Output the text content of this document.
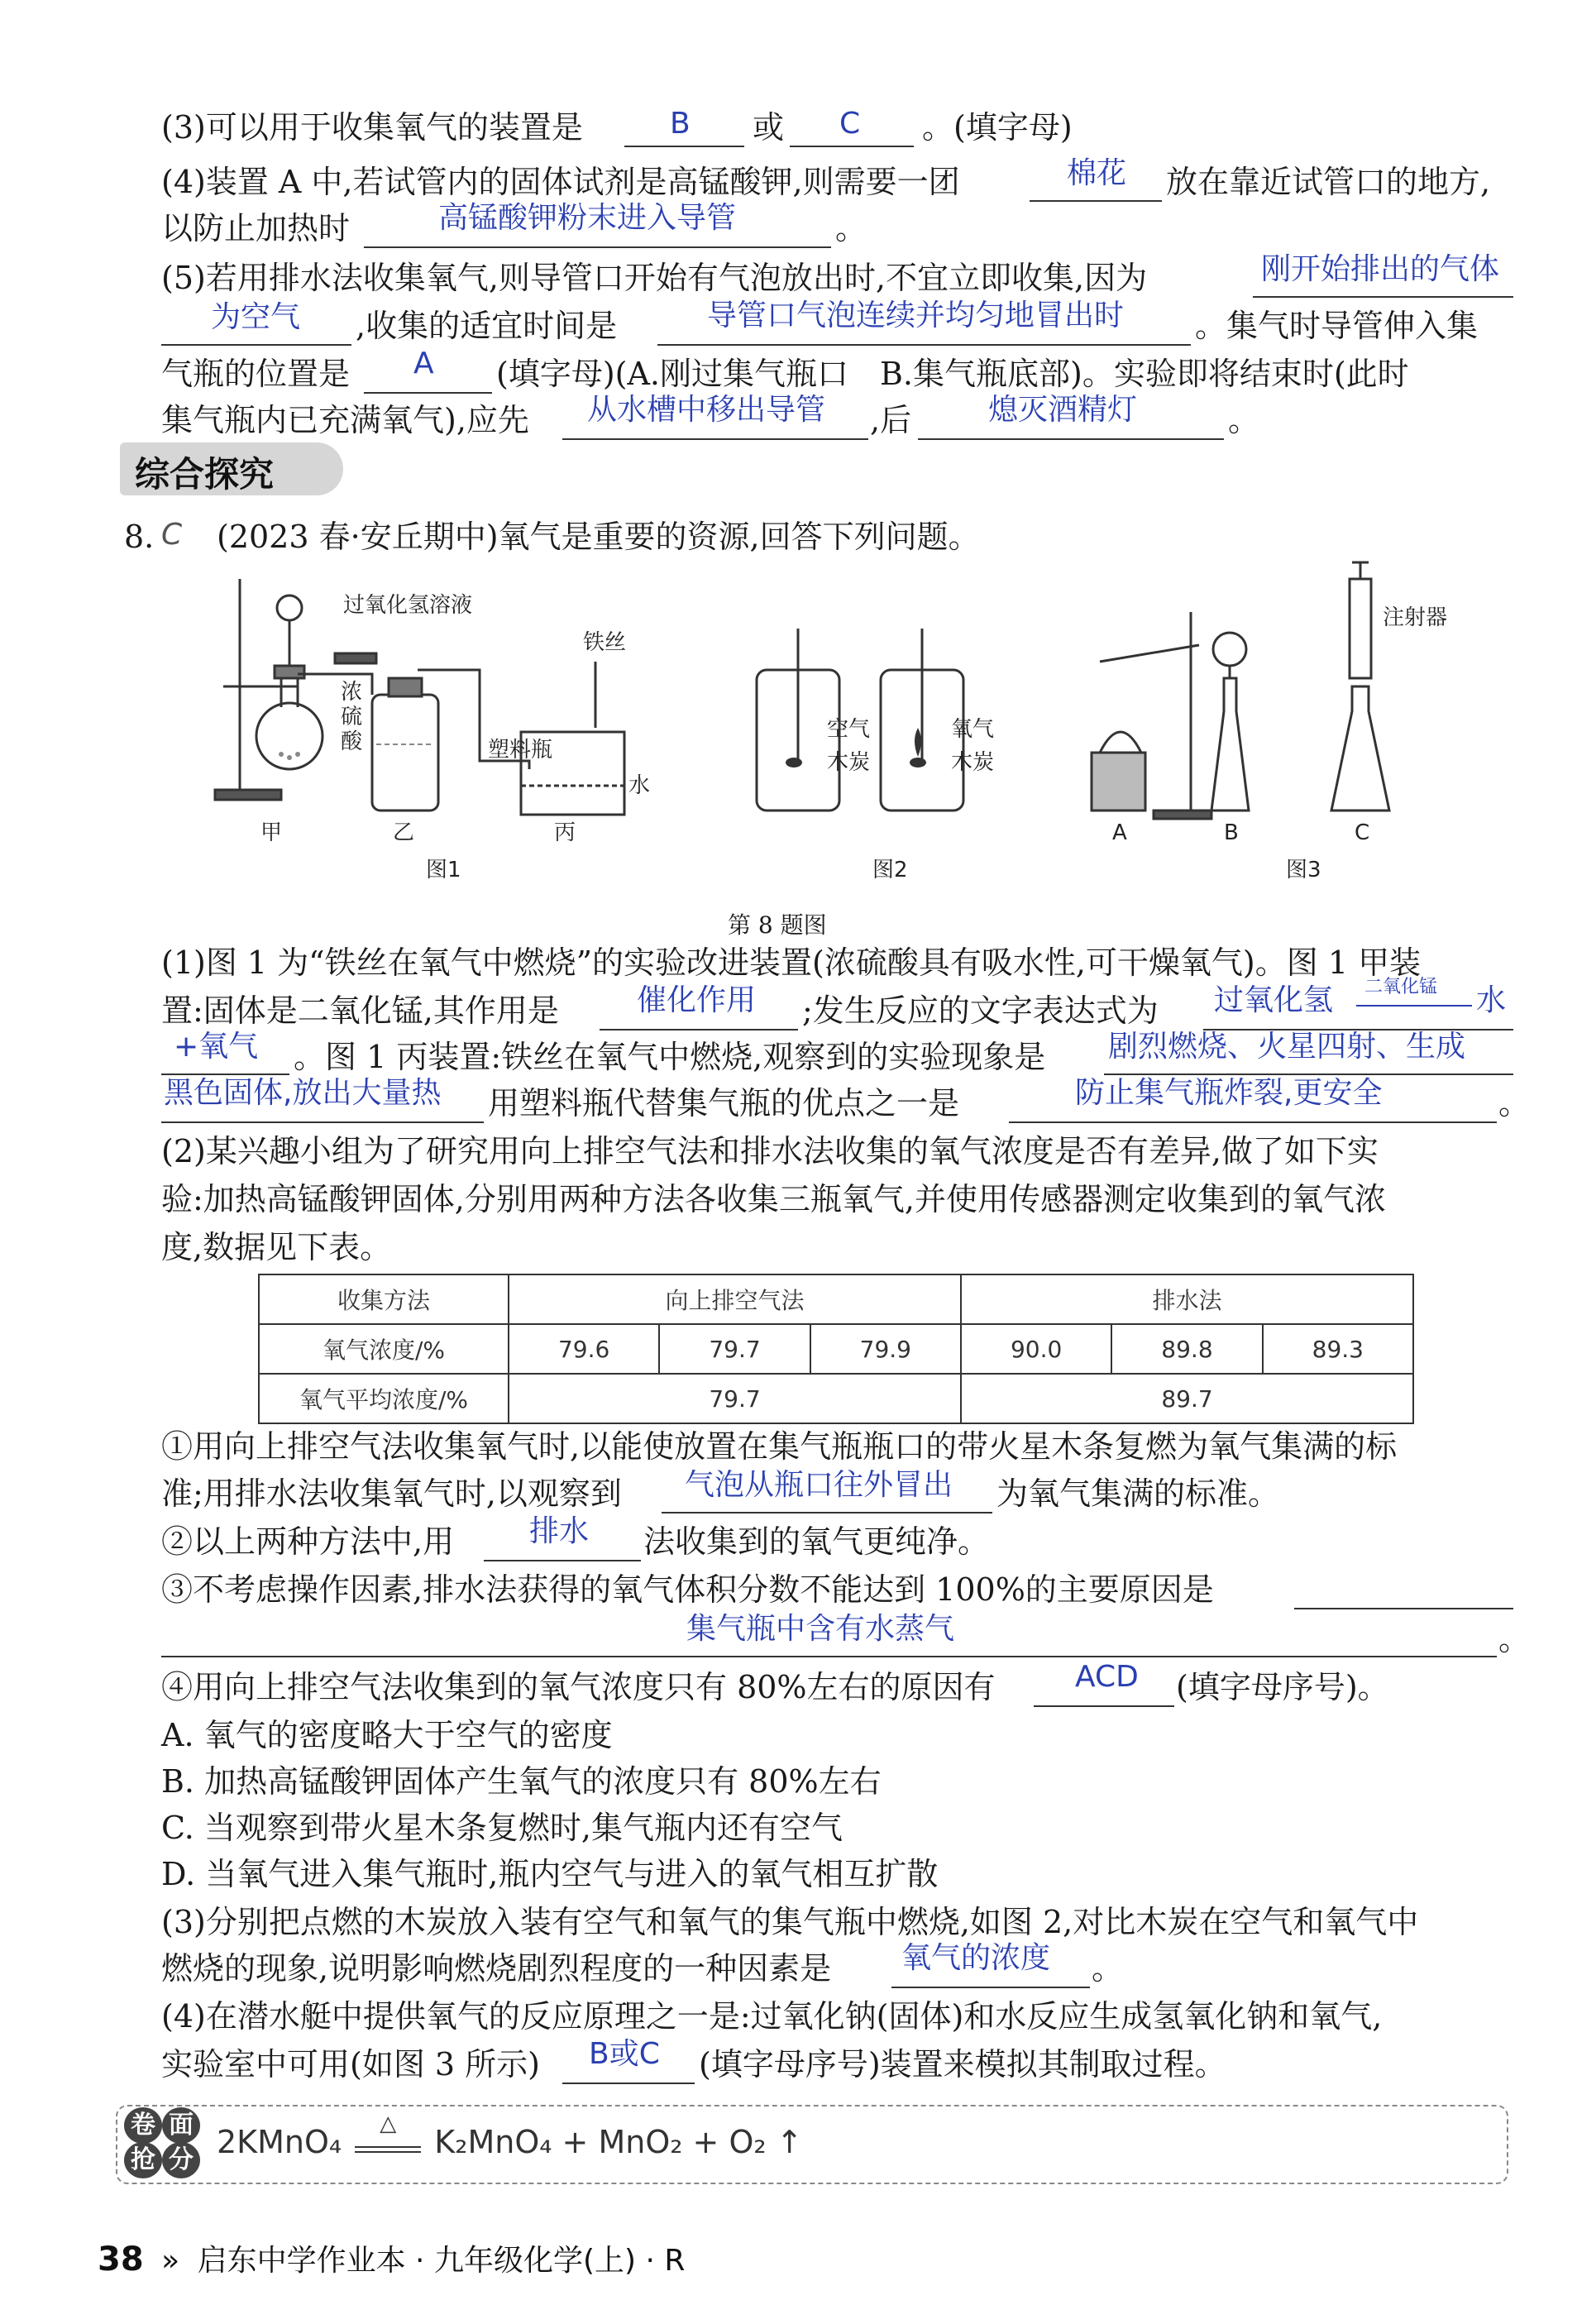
(3)可以用于收集氧气的装置是	B 或 C 。(填字母)
(4)装置 A 中,若试管内的固体试剂是高锰酸钾,则需要一团	棉花 放在靠近试管口的地方,
以防止加热时	高锰酸钾粉末进入导管	。
(5)若用排水法收集氧气,则导管口开始有气泡放出时,不宜立即收集,因为	刚开始排出的气体
为空气 ,收集的适宜时间是	导管口气泡连续并均匀地冒出时 。集气时导管伸入集
气瓶的位置是 A (填字母)(A.刚过集气瓶口　B.集气瓶底部)。实验即将结束时(此时
集气瓶内已充满氧气),应先 从水槽中移出导管 ,后	熄灭酒精灯	。
综合探究
8. C (2023 春·安丘期中)氧气是重要的资源,回答下列问题。
过氧化氢溶液
浓
硫
酸
铁丝
塑料瓶
水
甲	乙	丙
图1
空气
木炭
氧气
木炭
图2
注射器
A	B	C
图3
第 8 题图
(1)图 1 为“铁丝在氧气中燃烧”的实验改进装置(浓硫酸具有吸水性,可干燥氧气)。图 1 甲装
置:固体是二氧化锰,其作用是	催化作用 ;发生反应的文字表达式为 过氧化氢 二氧化锰 水
+氧气 。图 1 丙装置:铁丝在氧气中燃烧,观察到的实验现象是 剧烈燃烧、火星四射、生成
黑色固体,放出大量热 用塑料瓶代替集气瓶的优点之一是	防止集气瓶炸裂,更安全	。
(2)某兴趣小组为了研究用向上排空气法和排水法收集的氧气浓度是否有差异,做了如下实
验:加热高锰酸钾固体,分别用两种方法各收集三瓶氧气,并使用传感器测定收集到的氧气浓
度,数据见下表。
收集方法	向上排空气法			排水法		
氧气浓度/%	79.6	79.7	79.9	90.0	89.8	89.3
氧气平均浓度/%	79.7			89.7		
①用向上排空气法收集氧气时,以能使放置在集气瓶瓶口的带火星木条复燃为氧气集满的标
准;用排水法收集氧气时,以观察到 气泡从瓶口往外冒出 为氧气集满的标准。
②以上两种方法中,用	排水 法收集到的氧气更纯净。
③不考虑操作因素,排水法获得的氧气体积分数不能达到 100%的主要原因是
集气瓶中含有水蒸气	。
④用向上排空气法收集到的氧气浓度只有 80%左右的原因有	ACD (填字母序号)。
A. 氧气的密度略大于空气的密度
B. 加热高锰酸钾固体产生氧气的浓度只有 80%左右
C. 当观察到带火星木条复燃时,集气瓶内还有空气
D. 当氧气进入集气瓶时,瓶内空气与进入的氧气相互扩散
(3)分别把点燃的木炭放入装有空气和氧气的集气瓶中燃烧,如图 2,对比木炭在空气和氧气中
燃烧的现象,说明影响燃烧剧烈程度的一种因素是 氧气的浓度 。
(4)在潜水艇中提供氧气的反应原理之一是:过氧化钠(固体)和水反应生成氢氧化钠和氧气,
实验室中可用(如图 3 所示) B或C (填字母序号)装置来模拟其制取过程。
卷 面
抢 分 2KMnO₄	△	K₂MnO₄ + MnO₂ + O₂ ↑
38 » 启东中学作业本 · 九年级化学(上) · R
